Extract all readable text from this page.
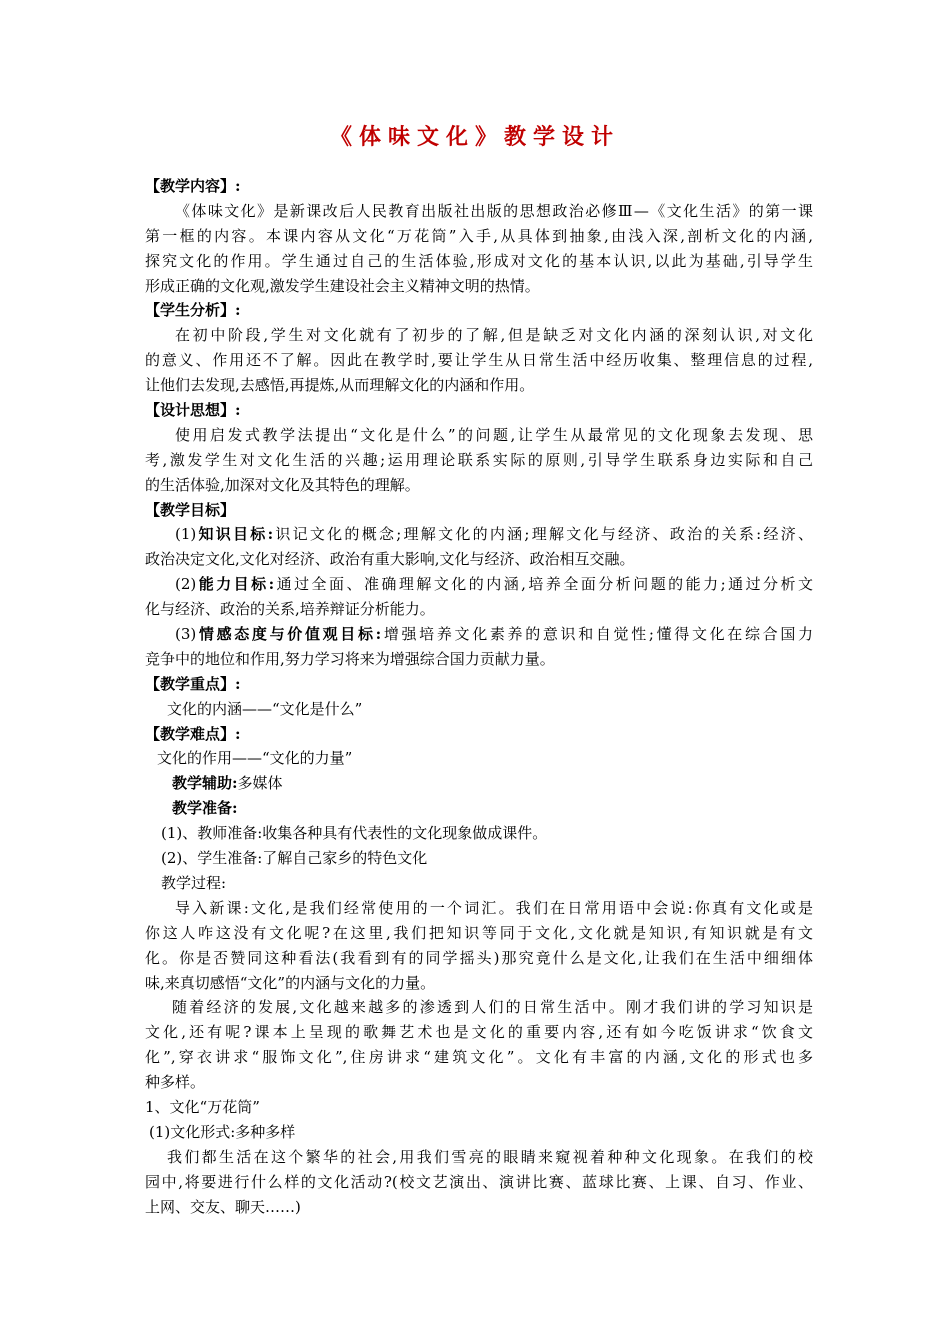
《体味文化》教学设计
【教学内容】:
《体味文化》是新课改后人民教育出版社出版的思想政治必修Ⅲ—《文化生活》的第一课
第一框的内容。本课内容从文化“万花筒”入手,从具体到抽象,由浅入深,剖析文化的内涵,
探究文化的作用。学生通过自己的生活体验,形成对文化的基本认识,以此为基础,引导学生
形成正确的文化观,激发学生建设社会主义精神文明的热情。
【学生分析】:
在初中阶段,学生对文化就有了初步的了解,但是缺乏对文化内涵的深刻认识,对文化
的意义、作用还不了解。因此在教学时,要让学生从日常生活中经历收集、整理信息的过程,
让他们去发现,去感悟,再提炼,从而理解文化的内涵和作用。
【设计思想】:
使用启发式教学法提出“文化是什么”的问题,让学生从最常见的文化现象去发现、思
考,激发学生对文化生活的兴趣;运用理论联系实际的原则,引导学生联系身边实际和自己
的生活体验,加深对文化及其特色的理解。
【教学目标】
(1)知识目标:识记文化的概念;理解文化的内涵;理解文化与经济、政治的关系:经济、
政治决定文化,文化对经济、政治有重大影响,文化与经济、政治相互交融。
(2)能力目标:通过全面、准确理解文化的内涵,培养全面分析问题的能力;通过分析文
化与经济、政治的关系,培养辩证分析能力。
(3)情感态度与价值观目标:增强培养文化素养的意识和自觉性;懂得文化在综合国力
竞争中的地位和作用,努力学习将来为增强综合国力贡献力量。
【教学重点】:
文化的内涵——“文化是什么”
【教学难点】:
文化的作用——“文化的力量”
教学辅助:多媒体
教学准备:
(1)、教师准备:收集各种具有代表性的文化现象做成课件。
(2)、学生准备:了解自己家乡的特色文化
教学过程:
导入新课:文化,是我们经常使用的一个词汇。我们在日常用语中会说:你真有文化或是
你这人咋这没有文化呢?在这里,我们把知识等同于文化,文化就是知识,有知识就是有文
化。你是否赞同这种看法(我看到有的同学摇头)那究竟什么是文化,让我们在生活中细细体
味,来真切感悟“文化”的内涵与文化的力量。
随着经济的发展,文化越来越多的渗透到人们的日常生活中。刚才我们讲的学习知识是
文化,还有呢?课本上呈现的歌舞艺术也是文化的重要内容,还有如今吃饭讲求“饮食文
化”,穿衣讲求“服饰文化”,住房讲求“建筑文化”。文化有丰富的内涵,文化的形式也多
种多样。
1、文化“万花筒”
(1)文化形式:多种多样
我们都生活在这个繁华的社会,用我们雪亮的眼睛来窥视着种种文化现象。在我们的校
园中,将要进行什么样的文化活动?(校文艺演出、演讲比赛、蓝球比赛、上课、自习、作业、
上网、交友、聊天……)
